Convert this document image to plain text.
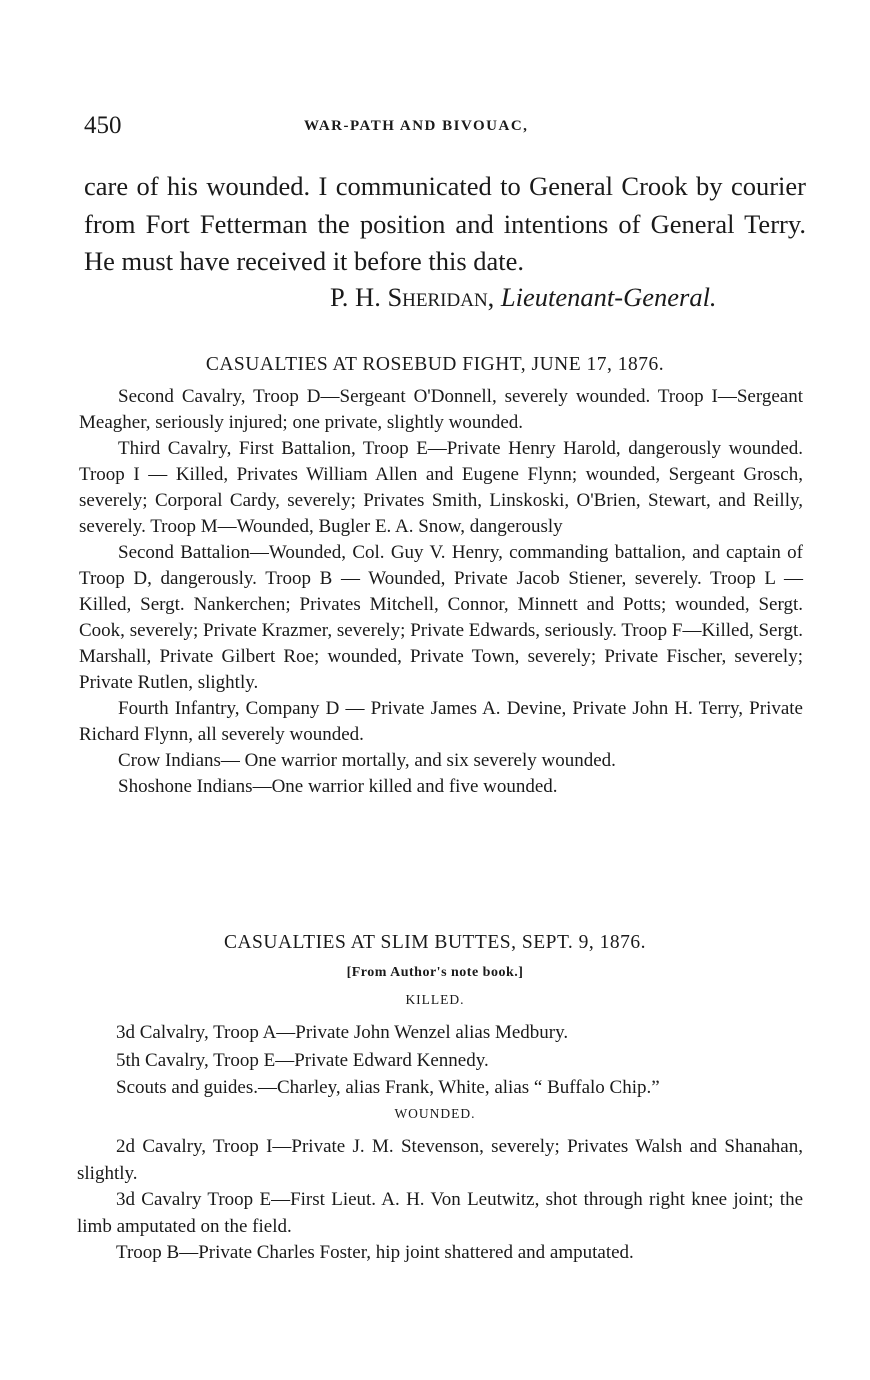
450	WAR-PATH AND BIVOUAC,

care of his wounded. I communicated to General Crook by courier from Fort Fetterman the position and intentions of General Terry. He must have received it before this date.

P. H. Sheridan, Lieutenant-General.
CASUALTIES AT ROSEBUD FIGHT, JUNE 17, 1876.

Second Cavalry, Troop D—Sergeant O'Donnell, severely wounded. Troop I—Sergeant Meagher, seriously injured; one private, slightly wounded.

Third Cavalry, First Battalion, Troop E—Private Henry Harold, dangerously wounded. Troop I — Killed, Privates William Allen and Eugene Flynn; wounded, Sergeant Grosch, severely; Corporal Cardy, severely; Privates Smith, Linskoski, O'Brien, Stewart, and Reilly, severely. Troop M—Wounded, Bugler E. A. Snow, dangerously

Second Battalion—Wounded, Col. Guy V. Henry, commanding battalion, and captain of Troop D, dangerously. Troop B — Wounded, Private Jacob Stiener, severely. Troop L — Killed, Sergt. Nankerchen; Privates Mitchell, Connor, Minnett and Potts; wounded, Sergt. Cook, severely; Private Krazmer, severely; Private Edwards, seriously. Troop F—Killed, Sergt. Marshall, Private Gilbert Roe; wounded, Private Town, severely; Private Fischer, severely; Private Rutlen, slightly.

Fourth Infantry, Company D — Private James A. Devine, Private John H. Terry, Private Richard Flynn, all severely wounded.

Crow Indians— One warrior mortally, and six severely wounded.

Shoshone Indians—One warrior killed and five wounded.

CASUALTIES AT SLIM BUTTES, SEPT. 9, 1876.
[From Author's note book.]
KILLED.

3d Calvalry, Troop A—Private John Wenzel alias Medbury.

5th Cavalry, Troop E—Private Edward Kennedy.

Scouts and guides.—Charley, alias Frank, White, alias “ Buffalo Chip.”

WOUNDED.

2d Cavalry, Troop I—Private J. M. Stevenson, severely; Privates Walsh and Shanahan, slightly.

3d Cavalry Troop E—First Lieut. A. H. Von Leutwitz, shot through right knee joint; the limb amputated on the field.

Troop B—Private Charles Foster, hip joint shattered and amputated.
